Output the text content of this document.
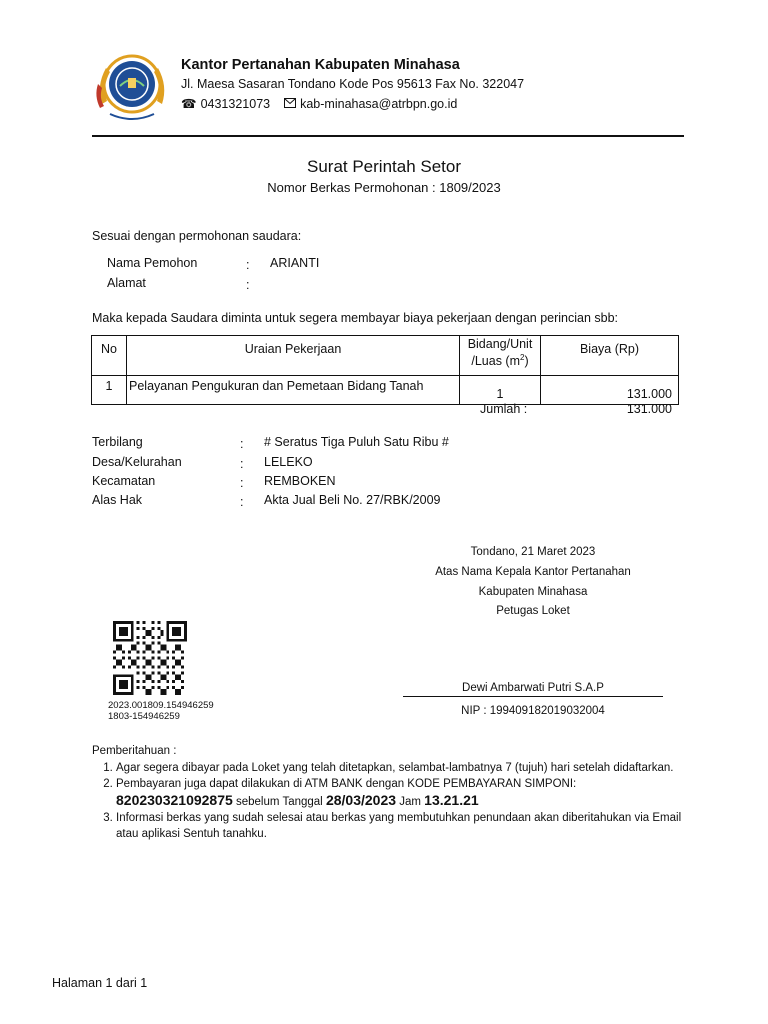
Kantor Pertanahan Kabupaten Minahasa
Jl. Maesa Sasaran Tondano Kode Pos 95613 Fax No. 322047
☎ 0431321073 kab-minahasa@atrbpn.go.id
Surat Perintah Setor
Nomor Berkas Permohonan : 1809/2023
Sesuai dengan permohonan saudara:
Nama Pemohon	: ARIANTI
Alamat	:
Maka kepada Saudara diminta untuk segera membayar biaya pekerjaan dengan perincian sbb:
No	Uraian Pekerjaan	Bidang/Unit
/Luas $(m^2)$	Biaya (Rp)
1	Pelayanan Pengukuran dan Pemetaan Bidang Tanah	1	131.000
Jumlah :	131.000
Terbilang	: # Seratus Tiga Puluh Satu Ribu #
Desa/Kelurahan	: LELEKO
Kecamatan	: REMBOKEN
Alas Hak	: Akta Jual Beli No. 27/RBK/2009
Tondano, 21 Maret 2023
Atas Nama Kepala Kantor Pertanahan
Kabupaten Minahasa
Petugas Loket
Dewi Ambarwati Putri S.A.P
NIP : 199409182019032004
2023.001809.154946259
1803-154946259
Pemberitahuan :
1. Agar segera dibayar pada Loket yang telah ditetapkan, selambat-lambatnya 7 (tujuh) hari setelah didaftarkan.
2. Pembayaran juga dapat dilakukan di ATM BANK dengan KODE PEMBAYARAN SIMPONI:
820230321092875 sebelum Tanggal 28/03/2023 Jam 13.21.21
3. Informasi berkas yang sudah selesai atau berkas yang membutuhkan penundaan akan diberitahukan via Email atau aplikasi Sentuh tanahku.
Halaman 1 dari 1
